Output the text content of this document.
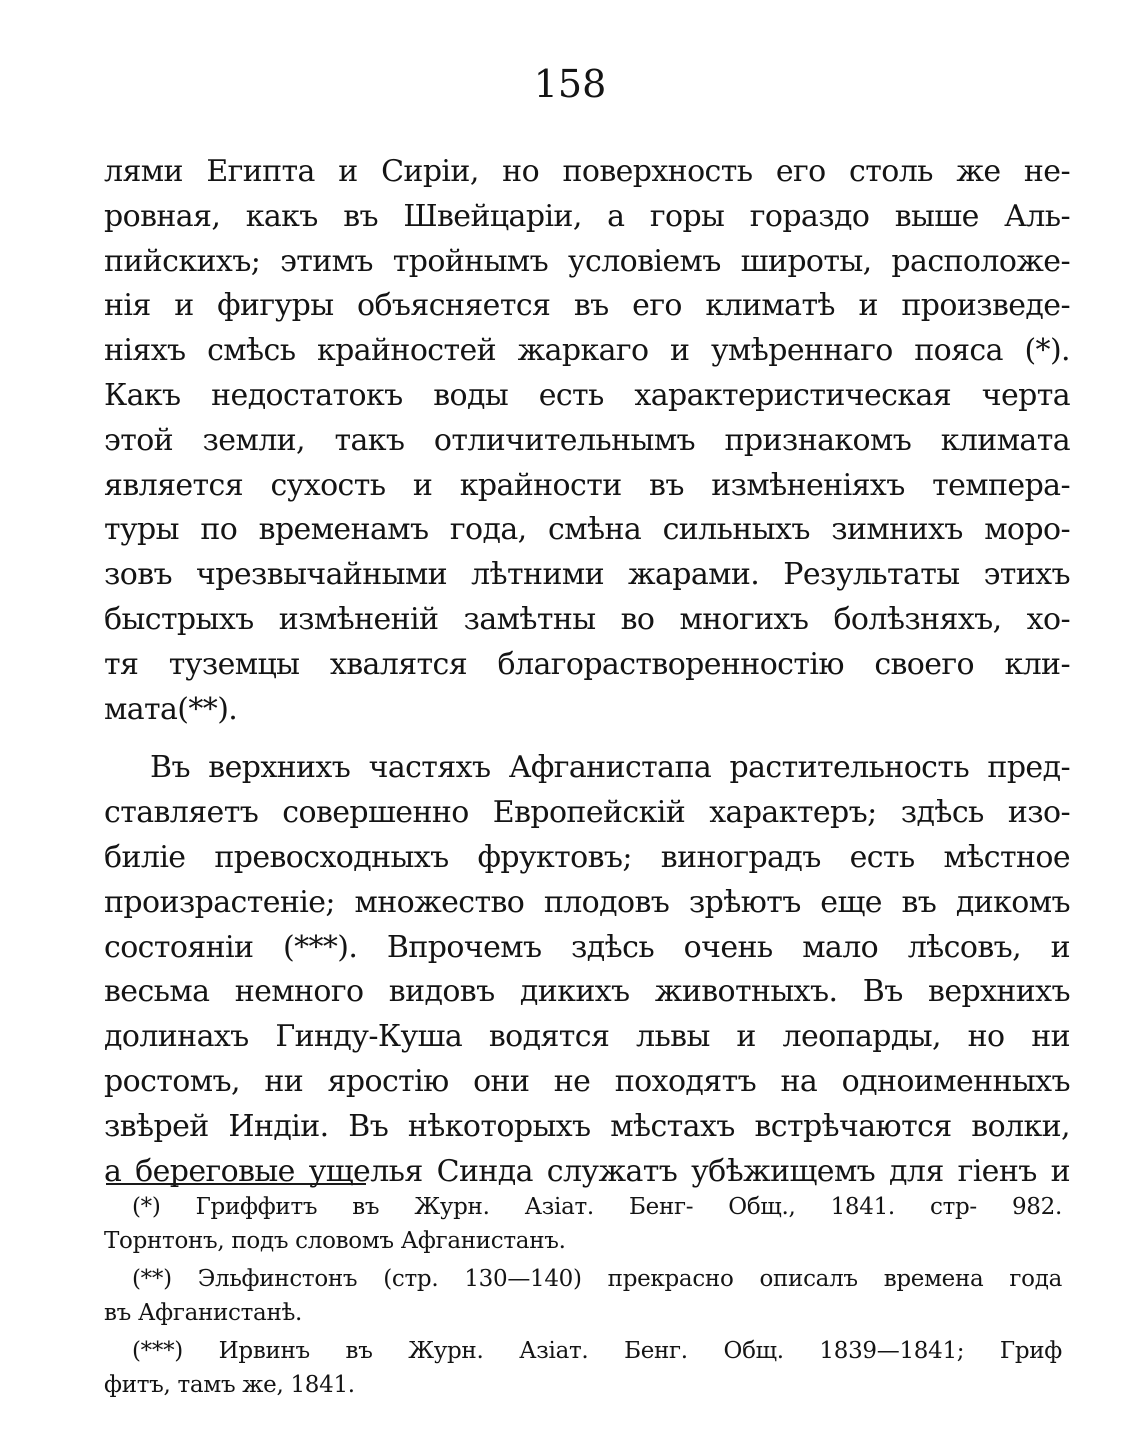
158
лями Египта и Сиріи, но поверхность его столь же не-
ровная, какъ въ Швейцаріи, а горы гораздо выше Аль-
пийскихъ; этимъ тройнымъ условіемъ широты, расположе-
нія и фигуры объясняется въ его климатѣ и произведе-
ніяхъ смѣсь крайностей жаркаго и умѣреннаго пояса (*).
Какъ недостатокъ воды есть характеристическая черта
этой земли, такъ отличительнымъ признакомъ климата
является сухость и крайности въ измѣненіяхъ темпера-
туры по временамъ года, смѣна сильныхъ зимнихъ моро-
зовъ чрезвычайными лѣтними жарами. Результаты этихъ
быстрыхъ измѣненій замѣтны во многихъ болѣзняхъ, хо-
тя туземцы хвалятся благорастворенностію своего кли-
мата(**).
Въ верхнихъ частяхъ Афганистапа растительность пред-
ставляетъ совершенно Европейскій характеръ; здѣсь изо-
биліе превосходныхъ фруктовъ; виноградъ есть мѣстное
произрастеніе; множество плодовъ зрѣютъ еще въ дикомъ
состояніи (***). Впрочемъ здѣсь очень мало лѣсовъ, и
весьма немного видовъ дикихъ животныхъ. Въ верхнихъ
долинахъ Гинду-Куша водятся львы и леопарды, но ни
ростомъ, ни яростію они не походятъ на одноименныхъ
звѣрей Индіи. Въ нѣкоторыхъ мѣстахъ встрѣчаются волки,
а береговые ущелья Синда служатъ убѣжищемъ для гіенъ и
(*) Гриффитъ въ Журн. Азіат. Бенг- Общ., 1841. стр- 982.
Торнтонъ, подъ словомъ Афганистанъ.
(**) Эльфинстонъ (стр. 130—140) прекрасно описалъ времена года
въ Афганистанѣ.
(***) Ирвинъ въ Журн. Азіат. Бенг. Общ. 1839—1841; Гриф
фитъ, тамъ же, 1841.
